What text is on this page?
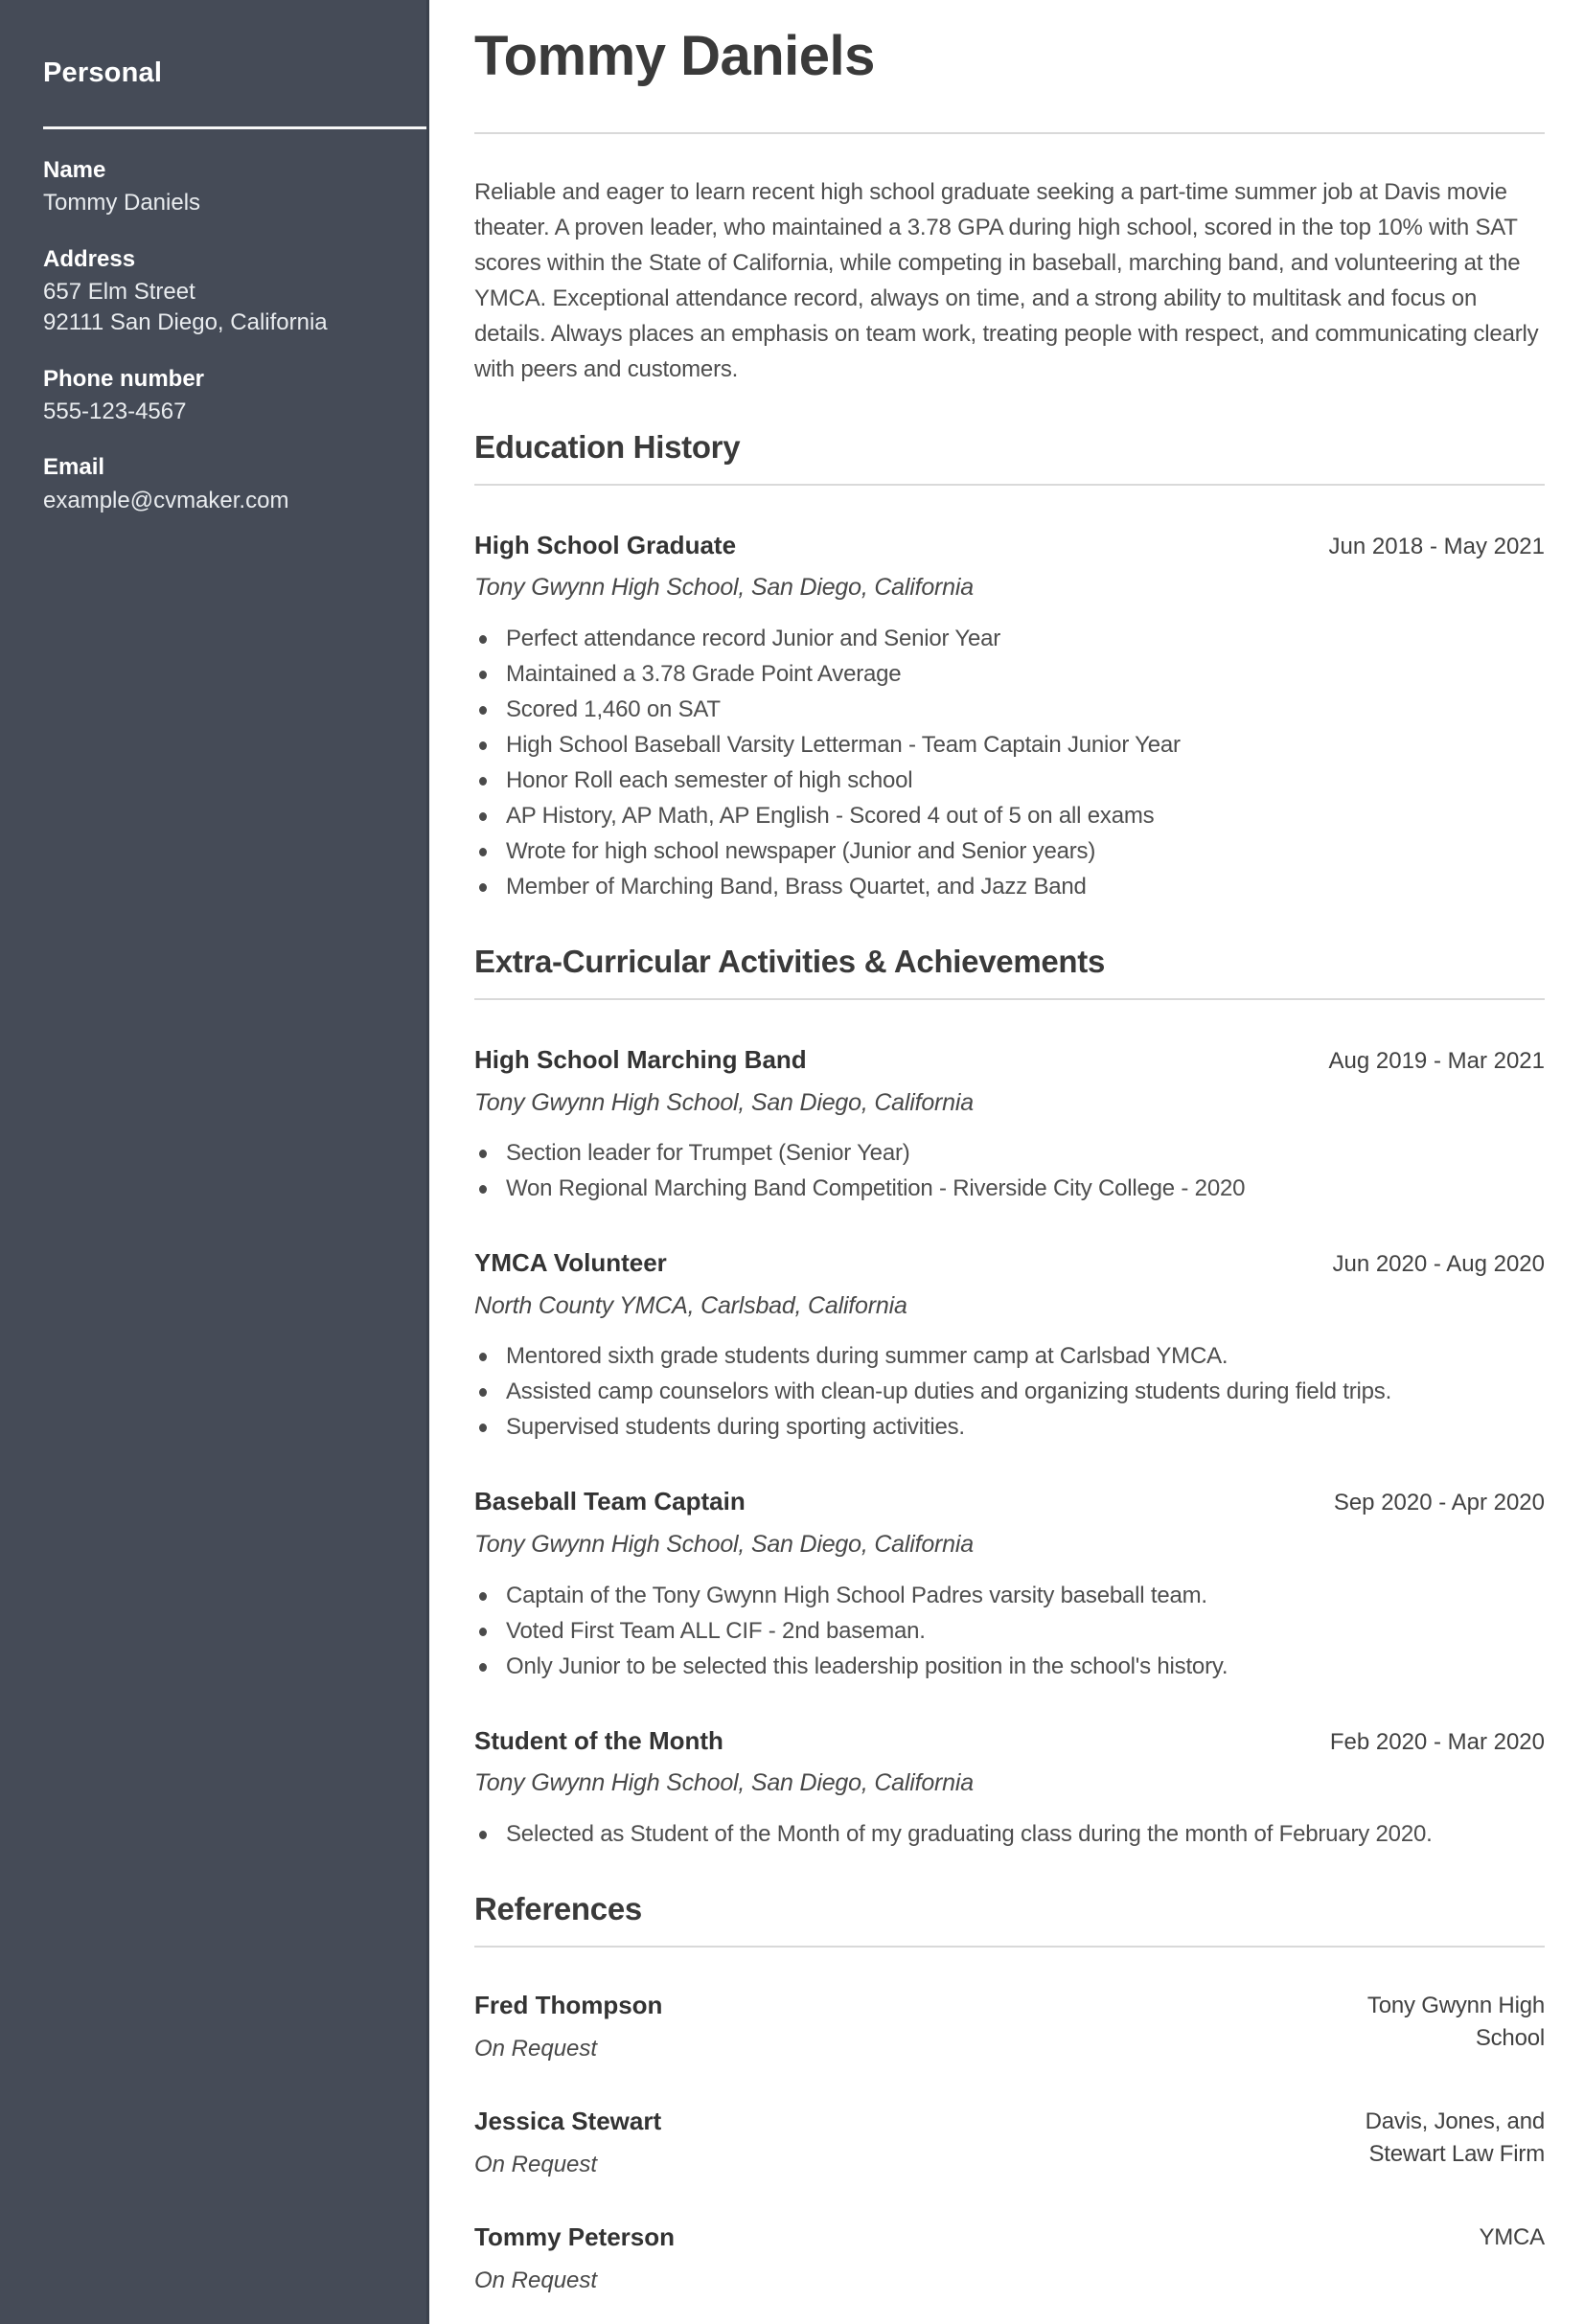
Personal
Name
Tommy Daniels
Address
657 Elm Street
92111 San Diego, California
Phone number
555-123-4567
Email
example@cvmaker.com
Tommy Daniels

Reliable and eager to learn recent high school graduate seeking a part-time summer job at Davis movie theater. A proven leader, who maintained a 3.78 GPA during high school, scored in the top 10% with SAT scores within the State of California, while competing in baseball, marching band, and volunteering at the YMCA. Exceptional attendance record, always on time, and a strong ability to multitask and focus on details. Always places an emphasis on team work, treating people with respect, and communicating clearly with peers and customers.

Education History
High School Graduate	Jun 2018 - May 2021

Tony Gwynn High School, San Diego, California

Perfect attendance record Junior and Senior Year
Maintained a 3.78 Grade Point Average
Scored 1,460 on SAT
High School Baseball Varsity Letterman - Team Captain Junior Year
Honor Roll each semester of high school
AP History, AP Math, AP English - Scored 4 out of 5 on all exams
Wrote for high school newspaper (Junior and Senior years)
Member of Marching Band, Brass Quartet, and Jazz Band
Extra-Curricular Activities & Achievements
High School Marching Band	Aug 2019 - Mar 2021

Tony Gwynn High School, San Diego, California

Section leader for Trumpet (Senior Year)
Won Regional Marching Band Competition - Riverside City College - 2020
YMCA Volunteer	Jun 2020 - Aug 2020

North County YMCA, Carlsbad, California

Mentored sixth grade students during summer camp at Carlsbad YMCA.
Assisted camp counselors with clean-up duties and organizing students during field trips.
Supervised students during sporting activities.
Baseball Team Captain	Sep 2020 - Apr 2020

Tony Gwynn High School, San Diego, California

Captain of the Tony Gwynn High School Padres varsity baseball team.
Voted First Team ALL CIF - 2nd baseman.
Only Junior to be selected this leadership position in the school's history.
Student of the Month	Feb 2020 - Mar 2020

Tony Gwynn High School, San Diego, California

Selected as Student of the Month of my graduating class during the month of February 2020.
References
Fred Thompson
On Request
Tony Gwynn High School
Jessica Stewart
On Request
Davis, Jones, and Stewart Law Firm
Tommy Peterson
On Request
YMCA
